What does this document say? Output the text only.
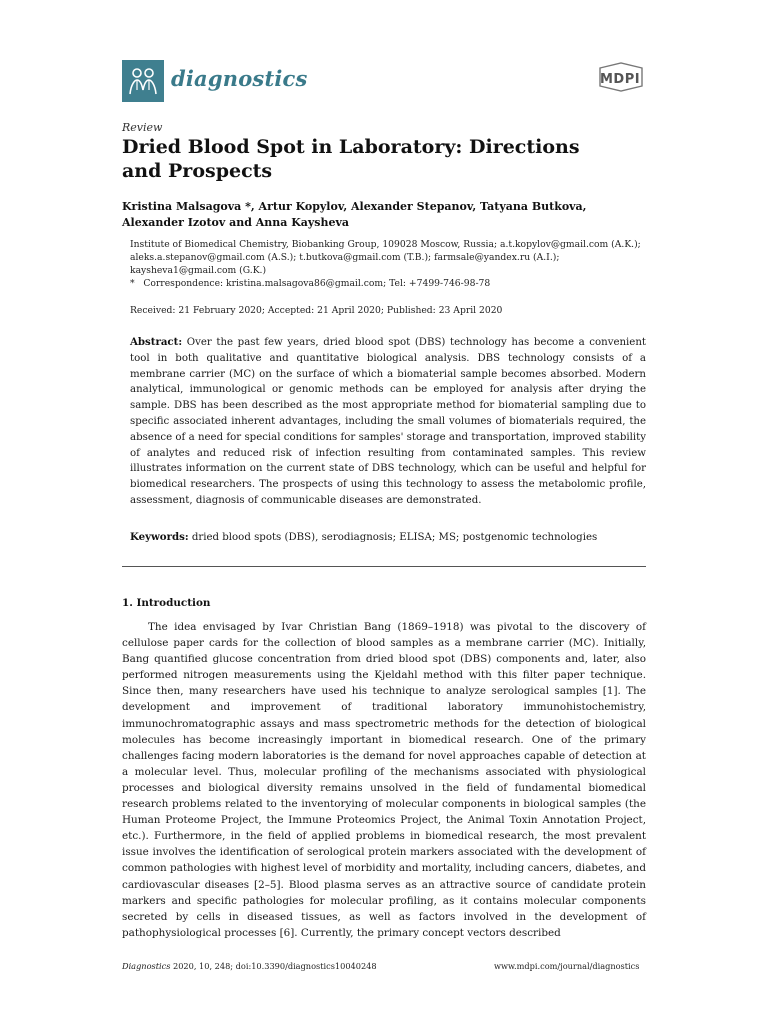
diagnostics	MDPI
Review
Dried Blood Spot in Laboratory: Directions and Prospects

Kristina Malsagova *, Artur Kopylov, Alexander Stepanov, Tatyana Butkova, Alexander Izotov and Anna Kaysheva

Institute of Biomedical Chemistry, Biobanking Group, 109028 Moscow, Russia; a.t.kopylov@gmail.com (A.K.);
aleks.a.stepanov@gmail.com (A.S.); t.butkova@gmail.com (T.B.); farmsale@yandex.ru (A.I.);
kaysheva1@gmail.com (G.K.)
*   Correspondence: kristina.malsagova86@gmail.com; Tel: +7499-746-98-78
Received: 21 February 2020; Accepted: 21 April 2020; Published: 23 April 2020

Abstract: Over the past few years, dried blood spot (DBS) technology has become a convenient tool in both qualitative and quantitative biological analysis. DBS technology consists of a membrane carrier (MC) on the surface of which a biomaterial sample becomes absorbed. Modern analytical, immunological or genomic methods can be employed for analysis after drying the sample. DBS has been described as the most appropriate method for biomaterial sampling due to specific associated inherent advantages, including the small volumes of biomaterials required, the absence of a need for special conditions for samples' storage and transportation, improved stability of analytes and reduced risk of infection resulting from contaminated samples. This review illustrates information on the current state of DBS technology, which can be useful and helpful for biomedical researchers. The prospects of using this technology to assess the metabolomic profile, assessment, diagnosis of communicable diseases are demonstrated.

Keywords: dried blood spots (DBS), serodiagnosis; ELISA; MS; postgenomic technologies

1. Introduction

The idea envisaged by Ivar Christian Bang (1869–1918) was pivotal to the discovery of cellulose paper cards for the collection of blood samples as a membrane carrier (MC). Initially, Bang quantified glucose concentration from dried blood spot (DBS) components and, later, also performed nitrogen measurements using the Kjeldahl method with this filter paper technique. Since then, many researchers have used his technique to analyze serological samples [1]. The development and improvement of traditional laboratory immunohistochemistry, immunochromatographic assays and mass spectrometric methods for the detection of biological molecules has become increasingly important in biomedical research. One of the primary challenges facing modern laboratories is the demand for novel approaches capable of detection at a molecular level. Thus, molecular profiling of the mechanisms associated with physiological processes and biological diversity remains unsolved in the field of fundamental biomedical research problems related to the inventorying of molecular components in biological samples (the Human Proteome Project, the Immune Proteomics Project, the Animal Toxin Annotation Project, etc.). Furthermore, in the field of applied problems in biomedical research, the most prevalent issue involves the identification of serological protein markers associated with the development of common pathologies with highest level of morbidity and mortality, including cancers, diabetes, and cardiovascular diseases [2–5]. Blood plasma serves as an attractive source of candidate protein markers and specific pathologies for molecular profiling, as it contains molecular components secreted by cells in diseased tissues, as well as factors involved in the development of pathophysiological processes [6]. Currently, the primary concept vectors described

Diagnostics 2020, 10, 248; doi:10.3390/diagnostics10040248	www.mdpi.com/journal/diagnostics
